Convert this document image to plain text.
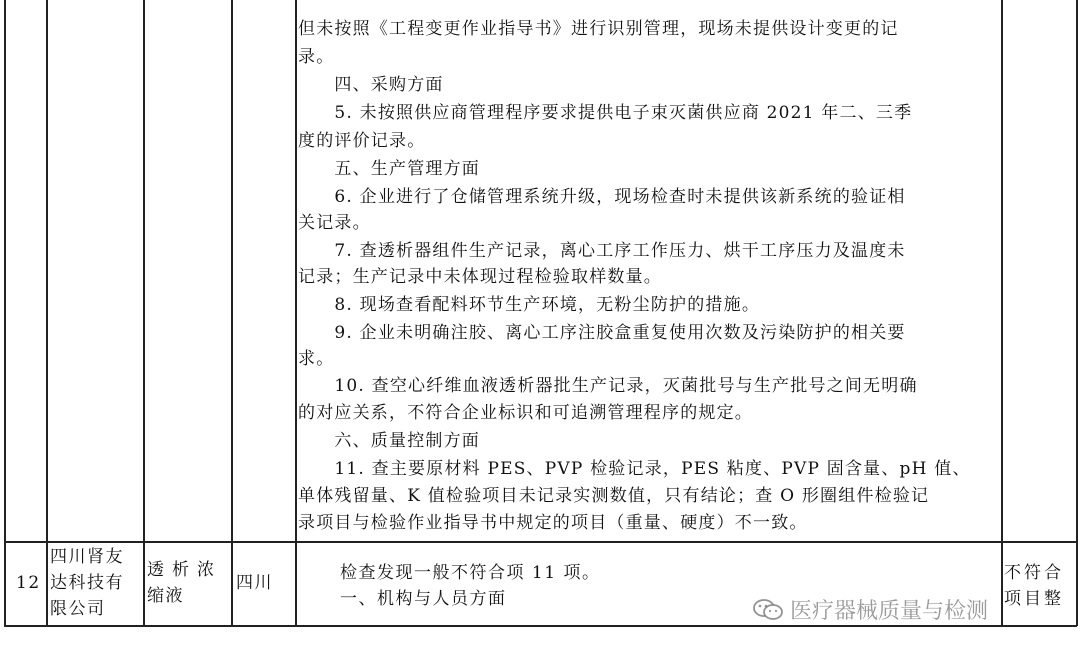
但未按照《工程变更作业指导书》进行识别管理，现场未提供设计变更的记
录。
　　四、采购方面
　　5. 未按照供应商管理程序要求提供电子束灭菌供应商 2021 年二、三季
度的评价记录。
　　五、生产管理方面
　　6. 企业进行了仓储管理系统升级，现场检查时未提供该新系统的验证相
关记录。
　　7. 查透析器组件生产记录，离心工序工作压力、烘干工序压力及温度未
记录；生产记录中未体现过程检验取样数量。
　　8. 现场查看配料环节生产环境，无粉尘防护的措施。
　　9. 企业未明确注胶、离心工序注胶盒重复使用次数及污染防护的相关要
求。
　　10. 查空心纤维血液透析器批生产记录，灭菌批号与生产批号之间无明确
的对应关系，不符合企业标识和可追溯管理程序的规定。
　　六、质量控制方面
　　11. 查主要原材料 PES、PVP 检验记录，PES 粘度、PVP 固含量、pH 值、
单体残留量、K 值检验项目未记录实测数值，只有结论；查 O 形圈组件检验记
录项目与检验作业指导书中规定的项目（重量、硬度）不一致。
12
四川肾友
达科技有
限公司
透析浓
缩液
四川	检查发现一般不符合项 11 项。
一、机构与人员方面
不符合
项目整
医疗器械质量与检测
